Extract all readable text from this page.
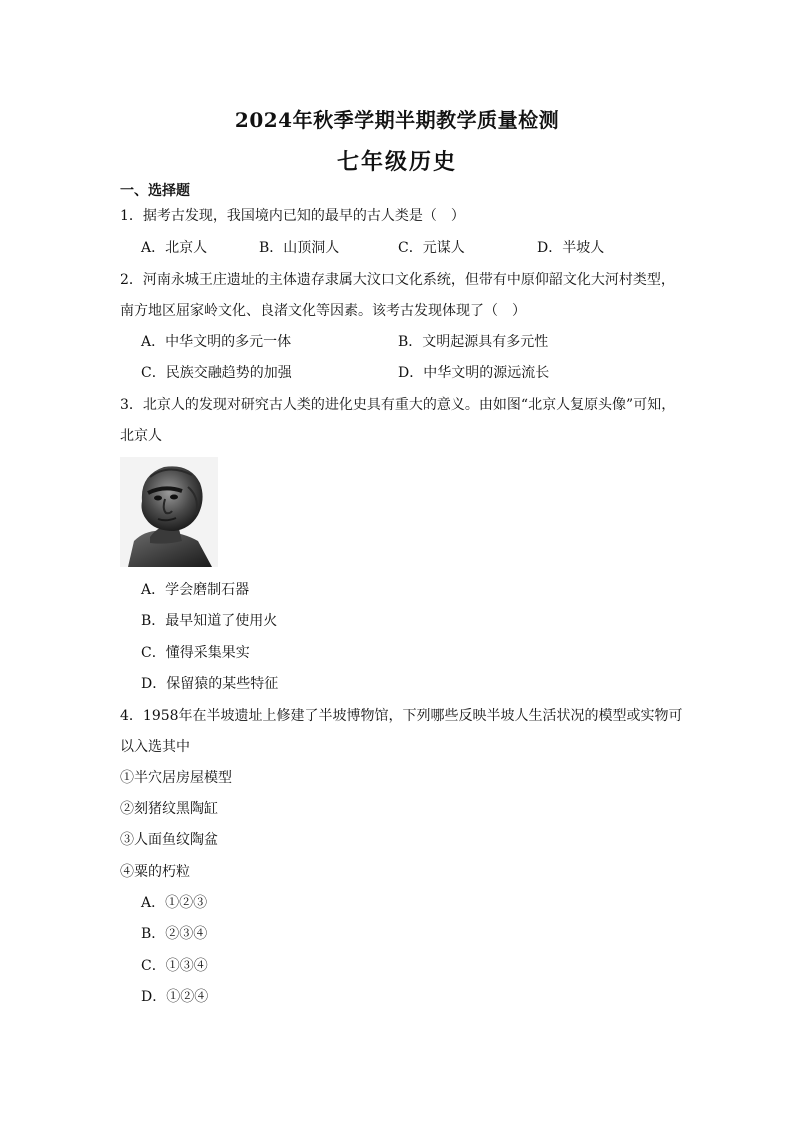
2024年秋季学期半期教学质量检测
七年级历史
一、选择题
1．据考古发现，我国境内已知的最早的古人类是（　）
A．北京人	B．山顶洞人	C．元谋人	D．半坡人
2．河南永城王庄遗址的主体遗存隶属大汶口文化系统，但带有中原仰韶文化大河村类型，
南方地区屈家岭文化、良渚文化等因素。该考古发现体现了（　）
A．中华文明的多元一体	B．文明起源具有多元性
C．民族交融趋势的加强	D．中华文明的源远流长
3．北京人的发现对研究古人类的进化史具有重大的意义。由如图“北京人复原头像”可知，
北京人
A．学会磨制石器
B．最早知道了使用火
C．懂得采集果实
D．保留猿的某些特征
4．1958年在半坡遗址上修建了半坡博物馆，下列哪些反映半坡人生活状况的模型或实物可
以入选其中
①半穴居房屋模型
②刻猪纹黑陶缸
③人面鱼纹陶盆
④粟的朽粒
A．①②③
B．②③④
C．①③④
D．①②④
